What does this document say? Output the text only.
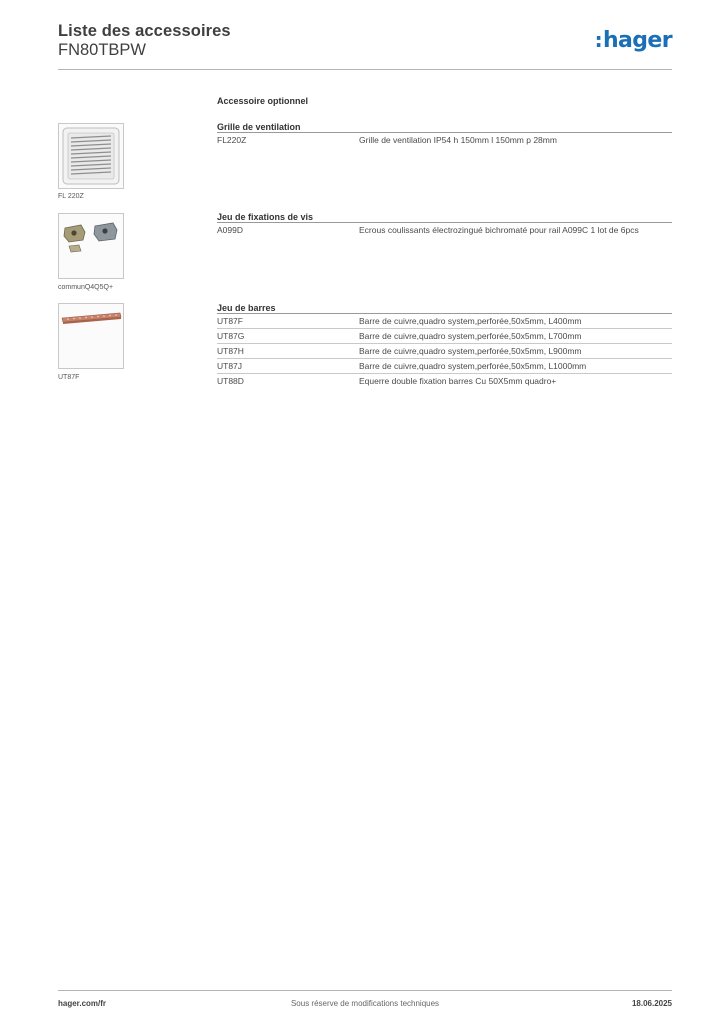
Liste des accessoires
FN80TBPW	:hager
Accessoire optionnel
FL 220Z
communQ4Q5Q+
UT87F
Grille de ventilation
FL220Z	Grille de ventilation IP54 h 150mm l 150mm p 28mm
Jeu de fixations de vis
A099D	Ecrous coulissants électrozingué bichromaté pour rail A099C 1 lot de 6pcs
Jeu de barres
UT87F	Barre de cuivre,quadro system,perforée,50x5mm, L400mm
UT87G	Barre de cuivre,quadro system,perforée,50x5mm, L700mm
UT87H	Barre de cuivre,quadro system,perforée,50x5mm, L900mm
UT87J	Barre de cuivre,quadro system,perforée,50x5mm, L1000mm
UT88D	Equerre double fixation barres Cu 50X5mm quadro+
hager.com/fr	Sous réserve de modifications techniques	18.06.2025
